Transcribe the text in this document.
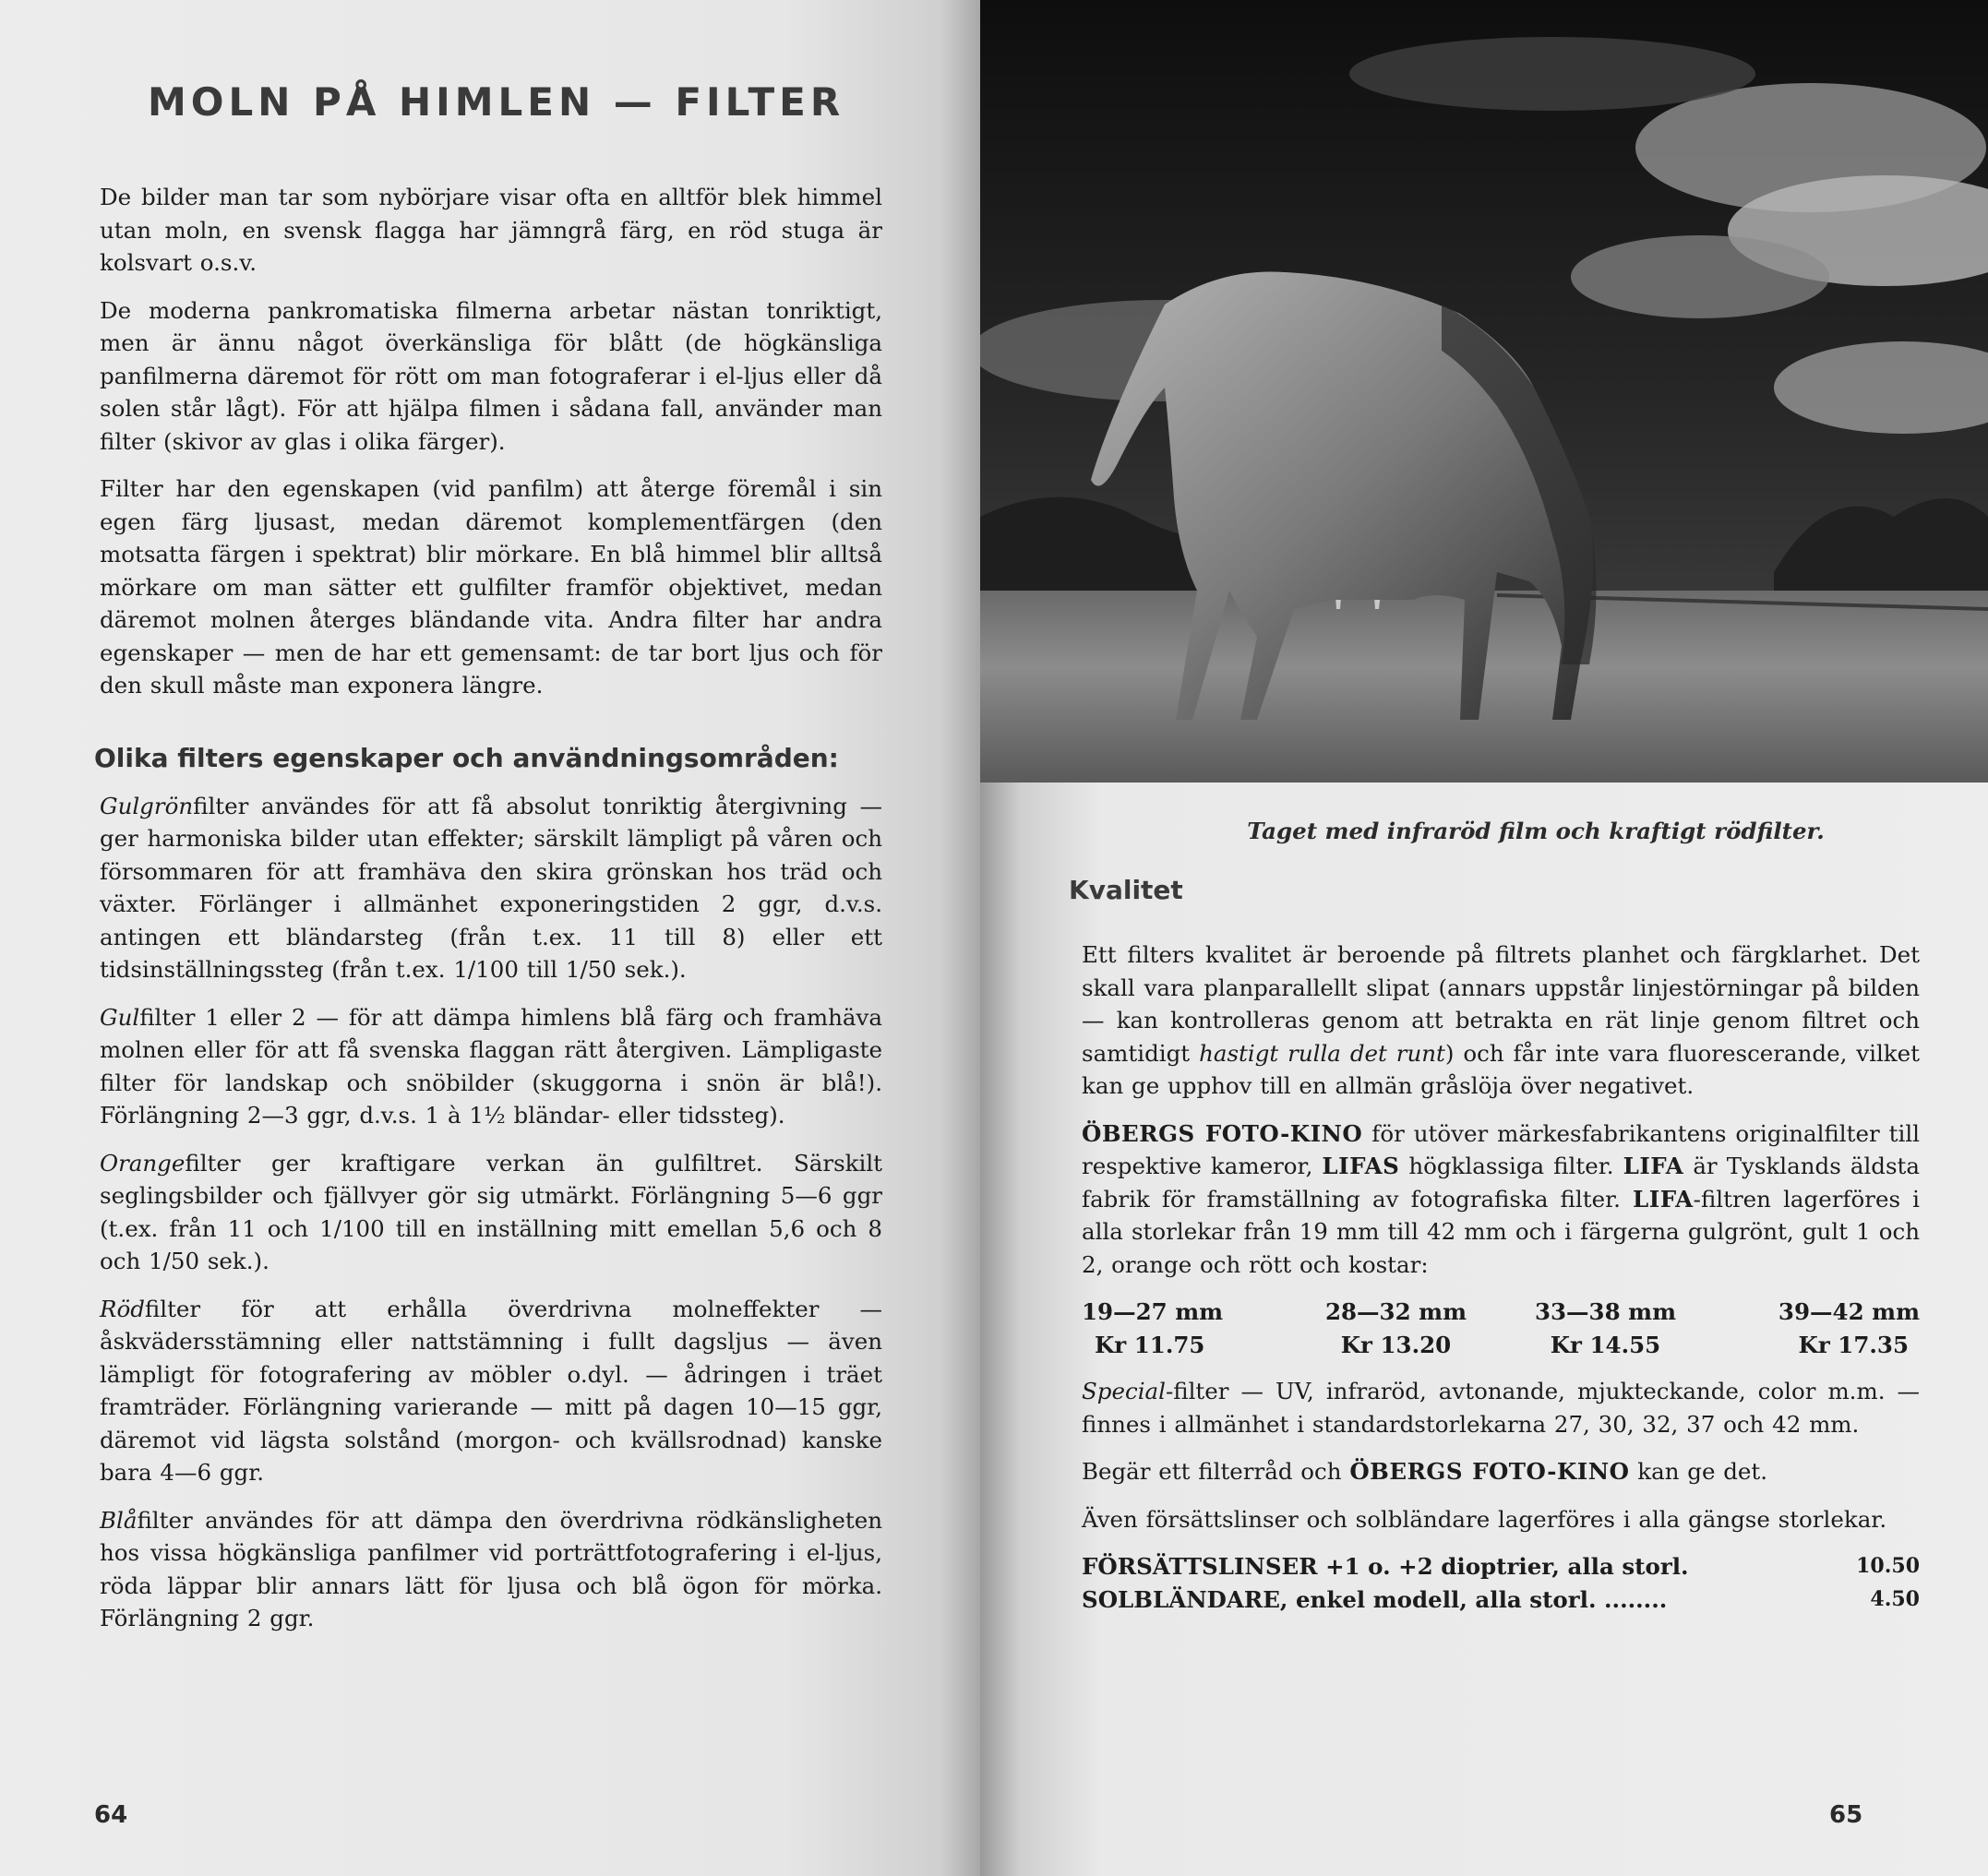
MOLN PÅ HIMLEN — FILTER

De bilder man tar som nybörjare visar ofta en alltför blek himmel utan moln, en svensk flagga har jämngrå färg, en röd stuga är kolsvart o.s.v.

De moderna pankromatiska filmerna arbetar nästan tonriktigt, men är ännu något överkänsliga för blått (de högkänsliga panfilmerna däremot för rött om man fotograferar i el-ljus eller då solen står lågt). För att hjälpa filmen i sådana fall, använder man filter (skivor av glas i olika färger).

Filter har den egenskapen (vid panfilm) att återge föremål i sin egen färg ljusast, medan däremot komplementfärgen (den motsatta färgen i spektrat) blir mörkare. En blå himmel blir alltså mörkare om man sätter ett gulfilter framför objektivet, medan däremot molnen återges bländande vita. Andra filter har andra egenskaper — men de har ett gemensamt: de tar bort ljus och för den skull måste man exponera längre.

Olika filters egenskaper och användningsområden:

Gulgrönfilter användes för att få absolut tonriktig återgivning — ger harmoniska bilder utan effekter; särskilt lämpligt på våren och försommaren för att framhäva den skira grönskan hos träd och växter. Förlänger i allmänhet exponeringstiden 2 ggr, d.v.s. antingen ett bländarsteg (från t.ex. 11 till 8) eller ett tidsinställningssteg (från t.ex. 1/100 till 1/50 sek.).

Gulfilter 1 eller 2 — för att dämpa himlens blå färg och framhäva molnen eller för att få svenska flaggan rätt återgiven. Lämpligaste filter för landskap och snöbilder (skuggorna i snön är blå!). Förlängning 2—3 ggr, d.v.s. 1 à 1½ bländar- eller tidssteg).

Orangefilter ger kraftigare verkan än gulfiltret. Särskilt seglingsbilder och fjällvyer gör sig utmärkt. Förlängning 5—6 ggr (t.ex. från 11 och 1/100 till en inställning mitt emellan 5,6 och 8 och 1/50 sek.).

Rödfilter för att erhålla överdrivna molneffekter — åskvädersstämning eller nattstämning i fullt dagsljus — även lämpligt för fotografering av möbler o.dyl. — ådringen i träet framträder. Förlängning varierande — mitt på dagen 10—15 ggr, däremot vid lägsta solstånd (morgon- och kvällsrodnad) kanske bara 4—6 ggr.

Blåfilter användes för att dämpa den överdrivna rödkänsligheten hos vissa högkänsliga panfilmer vid porträttfotografering i el-ljus, röda läppar blir annars lätt för ljusa och blå ögon för mörka. Förlängning 2 ggr.

64

Taget med infraröd film och kraftigt rödfilter.

Kvalitet

Ett filters kvalitet är beroende på filtrets planhet och färgklarhet. Det skall vara planparallellt slipat (annars uppstår linjestörningar på bilden — kan kontrolleras genom att betrakta en rät linje genom filtret och samtidigt hastigt rulla det runt) och får inte vara fluorescerande, vilket kan ge upphov till en allmän gråslöja över negativet.

ÖBERGS FOTO-KINO för utöver märkesfabrikantens originalfilter till respektive kameror, LIFAS högklassiga filter. LIFA är Tysklands äldsta fabrik för framställning av fotografiska filter. LIFA-filtren lagerföres i alla storlekar från 19 mm till 42 mm och i färgerna gulgrönt, gult 1 och 2, orange och rött och kostar:

19—27 mm	28—32 mm	33—38 mm	39—42 mm
Kr 11.75	Kr 13.20	Kr 14.55	Kr 17.35

Special-filter — UV, infraröd, avtonande, mjukteckande, color m.m. — finnes i allmänhet i standardstorlekarna 27, 30, 32, 37 och 42 mm.

Begär ett filterråd och ÖBERGS FOTO-KINO kan ge det.

Även försättslinser och solbländare lagerföres i alla gängse storlekar.

FÖRSÄTTSLINSER +1 o. +2 dioptrier, alla storl.	10.50
SOLBLÄNDARE, enkel modell, alla storl. ........	4.50
65
